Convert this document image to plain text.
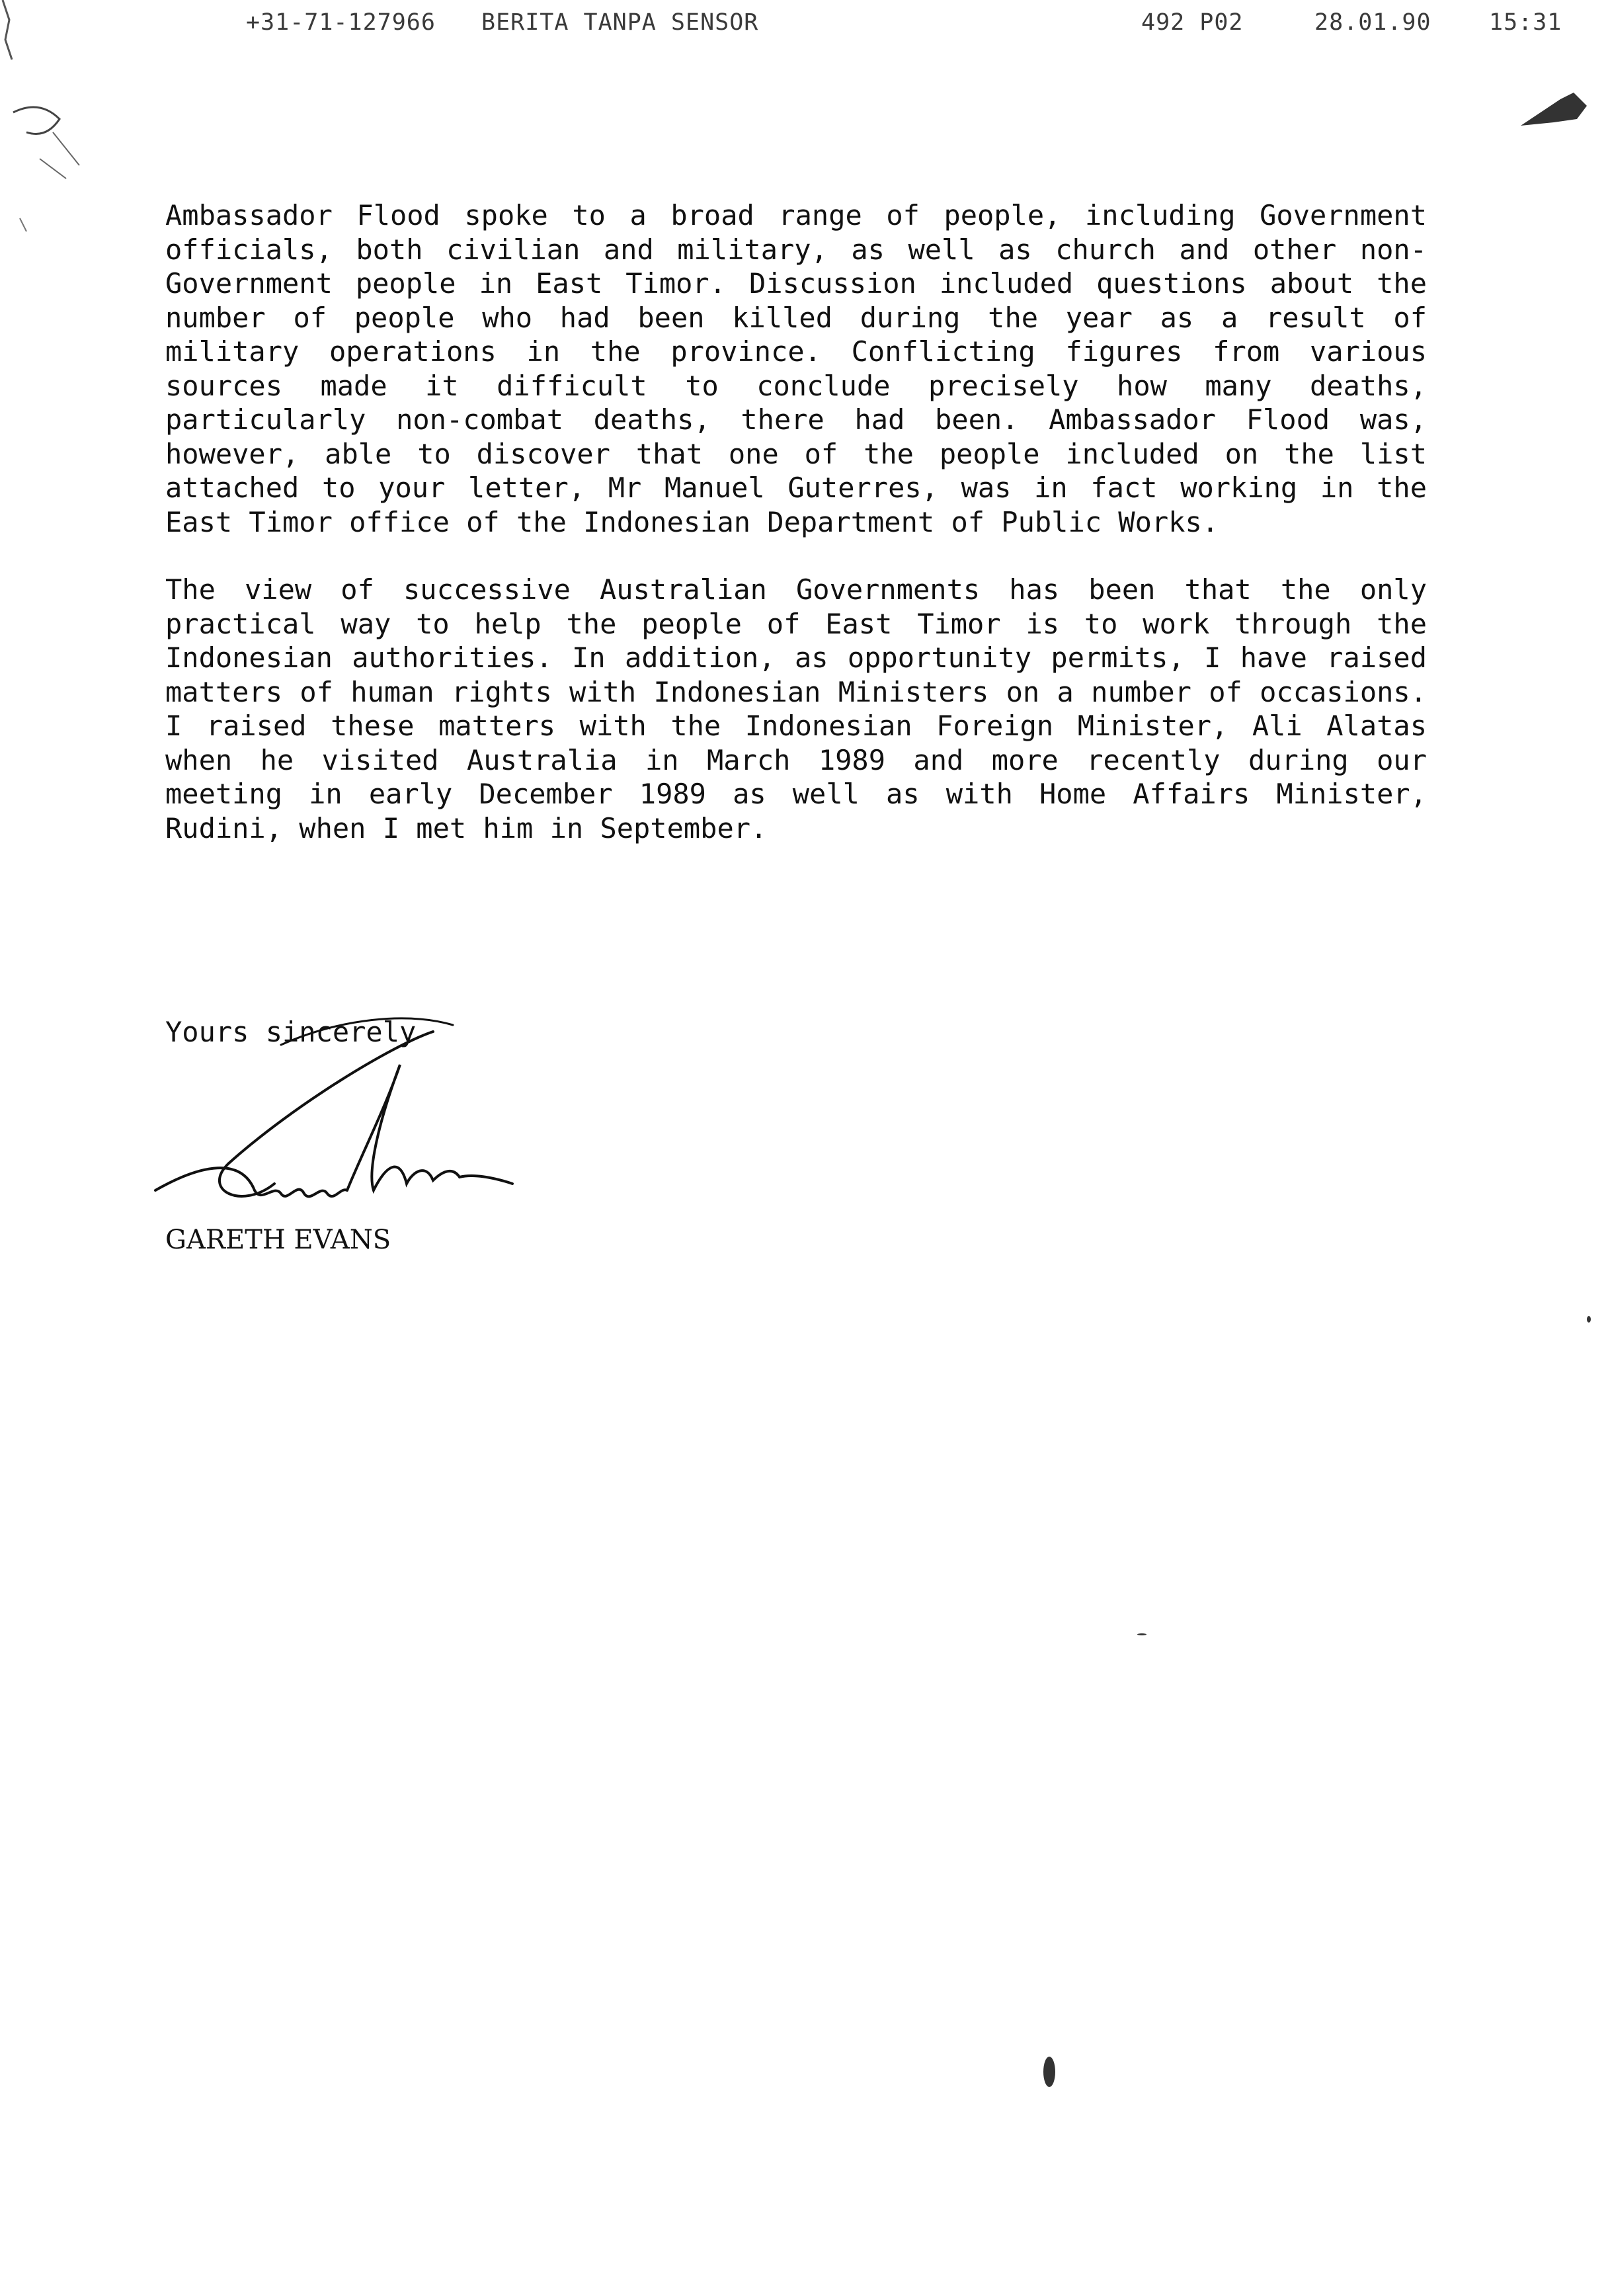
+31-71-127966 BERITA TANPA SENSOR	492 P02	28.01.90 15:31

Ambassador Flood spoke to a broad range of people, including Government officials, both civilian and military, as well as church and other non-Government people in East Timor. Discussion included questions about the number of people who had been killed during the year as a result of military operations in the province. Conflicting figures from various sources made it difficult to conclude precisely how many deaths, particularly non-combat deaths, there had been. Ambassador Flood was, however, able to discover that one of the people included on the list attached to your letter, Mr Manuel Guterres, was in fact working in the East Timor office of the Indonesian Department of Public Works.

The view of successive Australian Governments has been that the only practical way to help the people of East Timor is to work through the Indonesian authorities. In addition, as opportunity permits, I have raised matters of human rights with Indonesian Ministers on a number of occasions. I raised these matters with the Indonesian Foreign Minister, Ali Alatas when he visited Australia in March 1989 and more recently during our meeting in early December 1989 as well as with Home Affairs Minister, Rudini, when I met him in September.

Yours sincerely
GARETH EVANS
